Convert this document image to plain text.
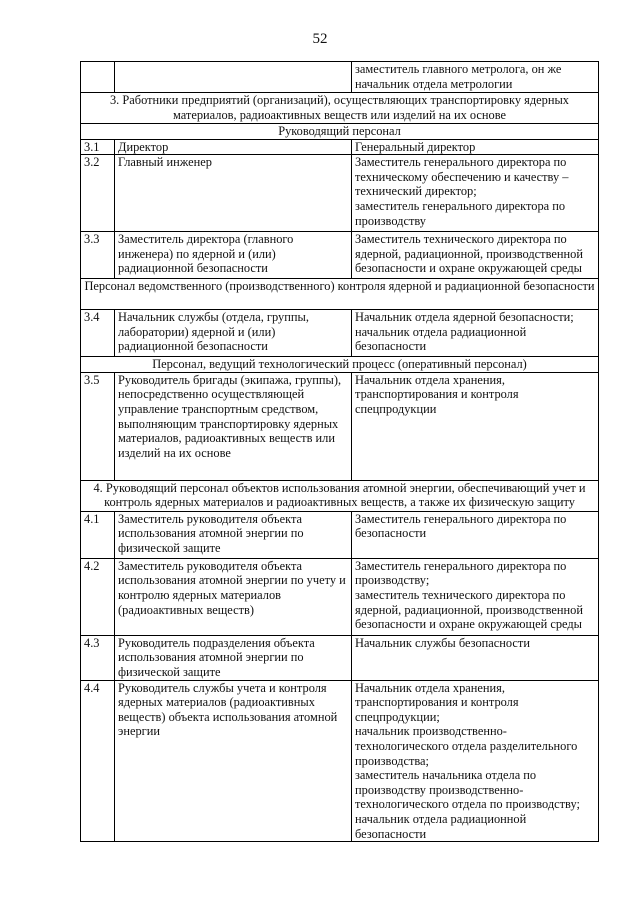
52
		заместитель главного метролога, он же начальник отдела метрологии
3. Работники предприятий (организаций), осуществляющих транспортировку ядерных материалов, радиоактивных веществ или изделий на их основе		
Руководящий персонал		
3.1	Директор	Генеральный директор
3.2	Главный инженер	Заместитель генерального директора по техническому обеспечению и качеству – технический директор;
заместитель генерального директора по производству
3.3	Заместитель директора (главного инженера) по ядерной и (или) радиационной безопасности	Заместитель технического директора по ядерной, радиационной, производственной безопасности и охране окружающей среды
Персонал ведомственного (производственного) контроля ядерной и радиационной безопасности		
3.4	Начальник службы (отдела, группы, лаборатории) ядерной и (или) радиационной безопасности	Начальник отдела ядерной безопасности;
начальник отдела радиационной безопасности
Персонал, ведущий технологический процесс (оперативный персонал)		
3.5	Руководитель бригады (экипажа, группы), непосредственно осуществляющей управление транспортным средством, выполняющим транспортировку ядерных материалов, радиоактивных веществ или изделий на их основе	Начальник отдела хранения, транспортирования и контроля спецпродукции
4. Руководящий персонал объектов использования атомной энергии, обеспечивающий учет и контроль ядерных материалов и радиоактивных веществ, а также их физическую защиту		
4.1	Заместитель руководителя объекта использования атомной энергии по физической защите	Заместитель генерального директора по безопасности
4.2	Заместитель руководителя объекта использования атомной энергии по учету и контролю ядерных материалов (радиоактивных веществ)	Заместитель генерального директора по производству;
заместитель технического директора по ядерной, радиационной, производственной безопасности и охране окружающей среды
4.3	Руководитель подразделения объекта использования атомной энергии по физической защите	Начальник службы безопасности
4.4	Руководитель службы учета и контроля ядерных материалов (радиоактивных веществ) объекта использования атомной энергии	Начальник отдела хранения, транспортирования и контроля спецпродукции;
начальник производственно-технологического отдела разделительного производства;
заместитель начальника отдела по производству производственно-технологического отдела по производству;
начальник отдела радиационной безопасности
